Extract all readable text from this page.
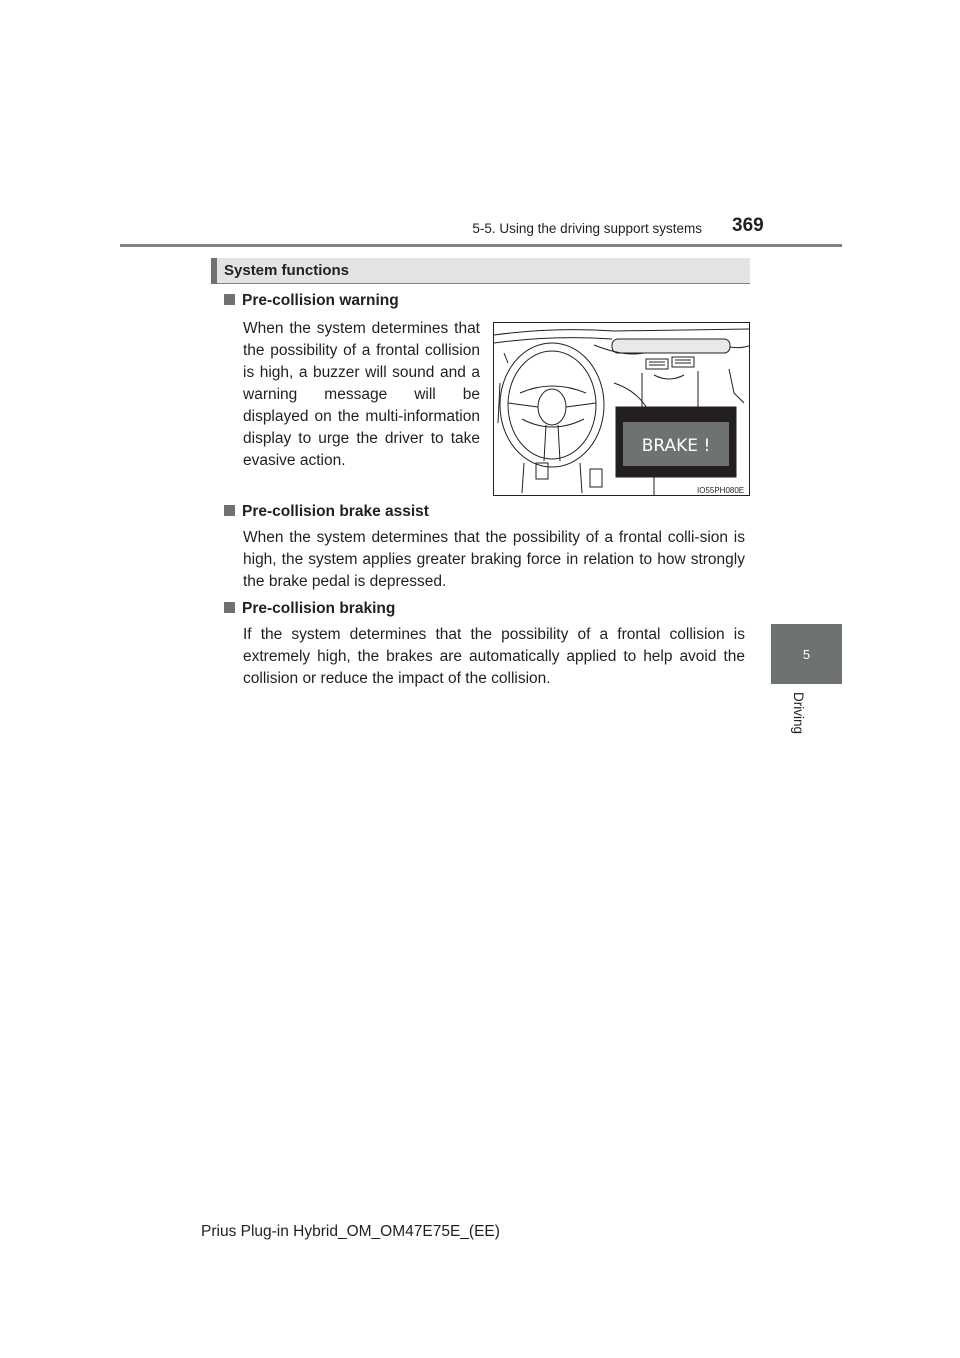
5-5. Using the driving support systems 369
5
Driving
System functions
Pre-collision warning
When the system determines that the possibility of a frontal collision is high, a buzzer will sound and a warning message will be displayed on the multi-information display to urge the driver to take evasive action.
BRAKE !
IO55PH080E
Pre-collision brake assist
When the system determines that the possibility of a frontal colli-sion is high, the system applies greater braking force in relation to how strongly the brake pedal is depressed.
Pre-collision braking
If the system determines that the possibility of a frontal collision is extremely high, the brakes are automatically applied to help avoid the collision or reduce the impact of the collision.
Prius Plug-in Hybrid_OM_OM47E75E_(EE)
